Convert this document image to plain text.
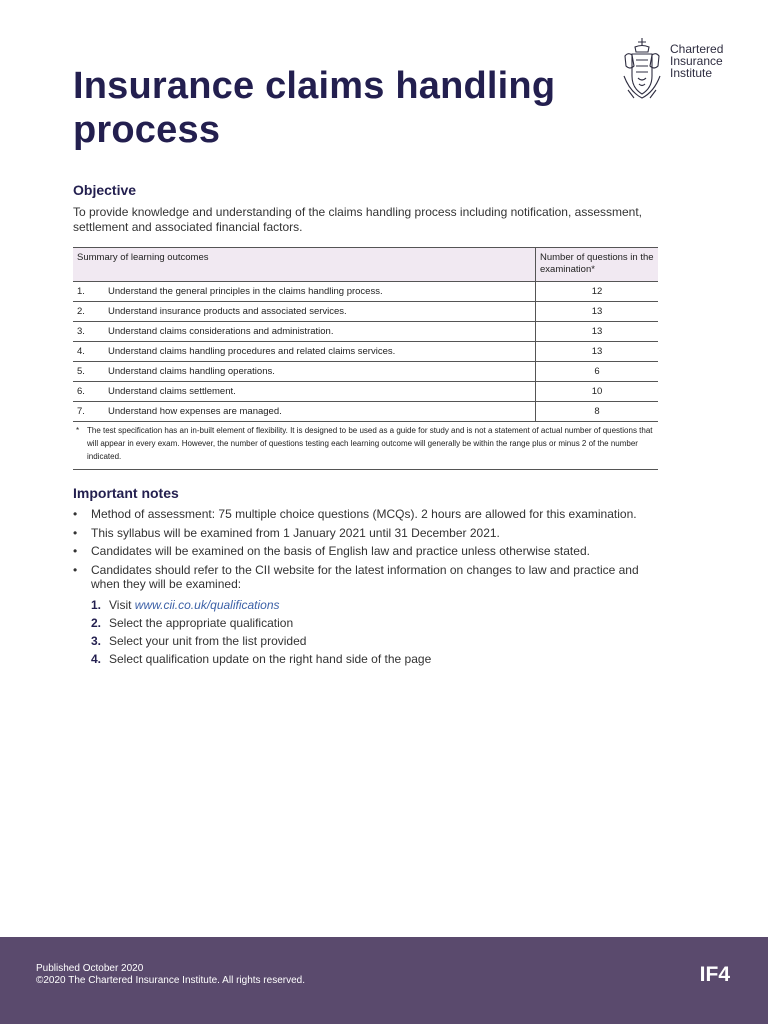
Insurance claims handling process
Chartered
Insurance
Institute
Objective
To provide knowledge and understanding of the claims handling process including notification, assessment, settlement and associated financial factors.
Summary of learning outcomes	Number of questions in the examination*
1. Understand the general principles in the claims handling process.	12
2. Understand insurance products and associated services.	13
3. Understand claims considerations and administration.	13
4. Understand claims handling procedures and related claims services.	13
5. Understand claims handling operations.	6
6. Understand claims settlement.	10
7. Understand how expenses are managed.	8
* The test specification has an in-built element of flexibility. It is designed to be used as a guide for study and is not a statement of actual number of questions that will appear in every exam. However, the number of questions testing each learning outcome will generally be within the range plus or minus 2 of the number indicated.
Important notes
• Method of assessment: 75 multiple choice questions (MCQs). 2 hours are allowed for this examination.
• This syllabus will be examined from 1 January 2021 until 31 December 2021.
• Candidates will be examined on the basis of English law and practice unless otherwise stated.
• Candidates should refer to the CII website for the latest information on changes to law and practice and when they will be examined:
1. Visit www.cii.co.uk/qualifications
2. Select the appropriate qualification
3. Select your unit from the list provided
4. Select qualification update on the right hand side of the page
Published October 2020
©2020 The Chartered Insurance Institute. All rights reserved.	IF4
